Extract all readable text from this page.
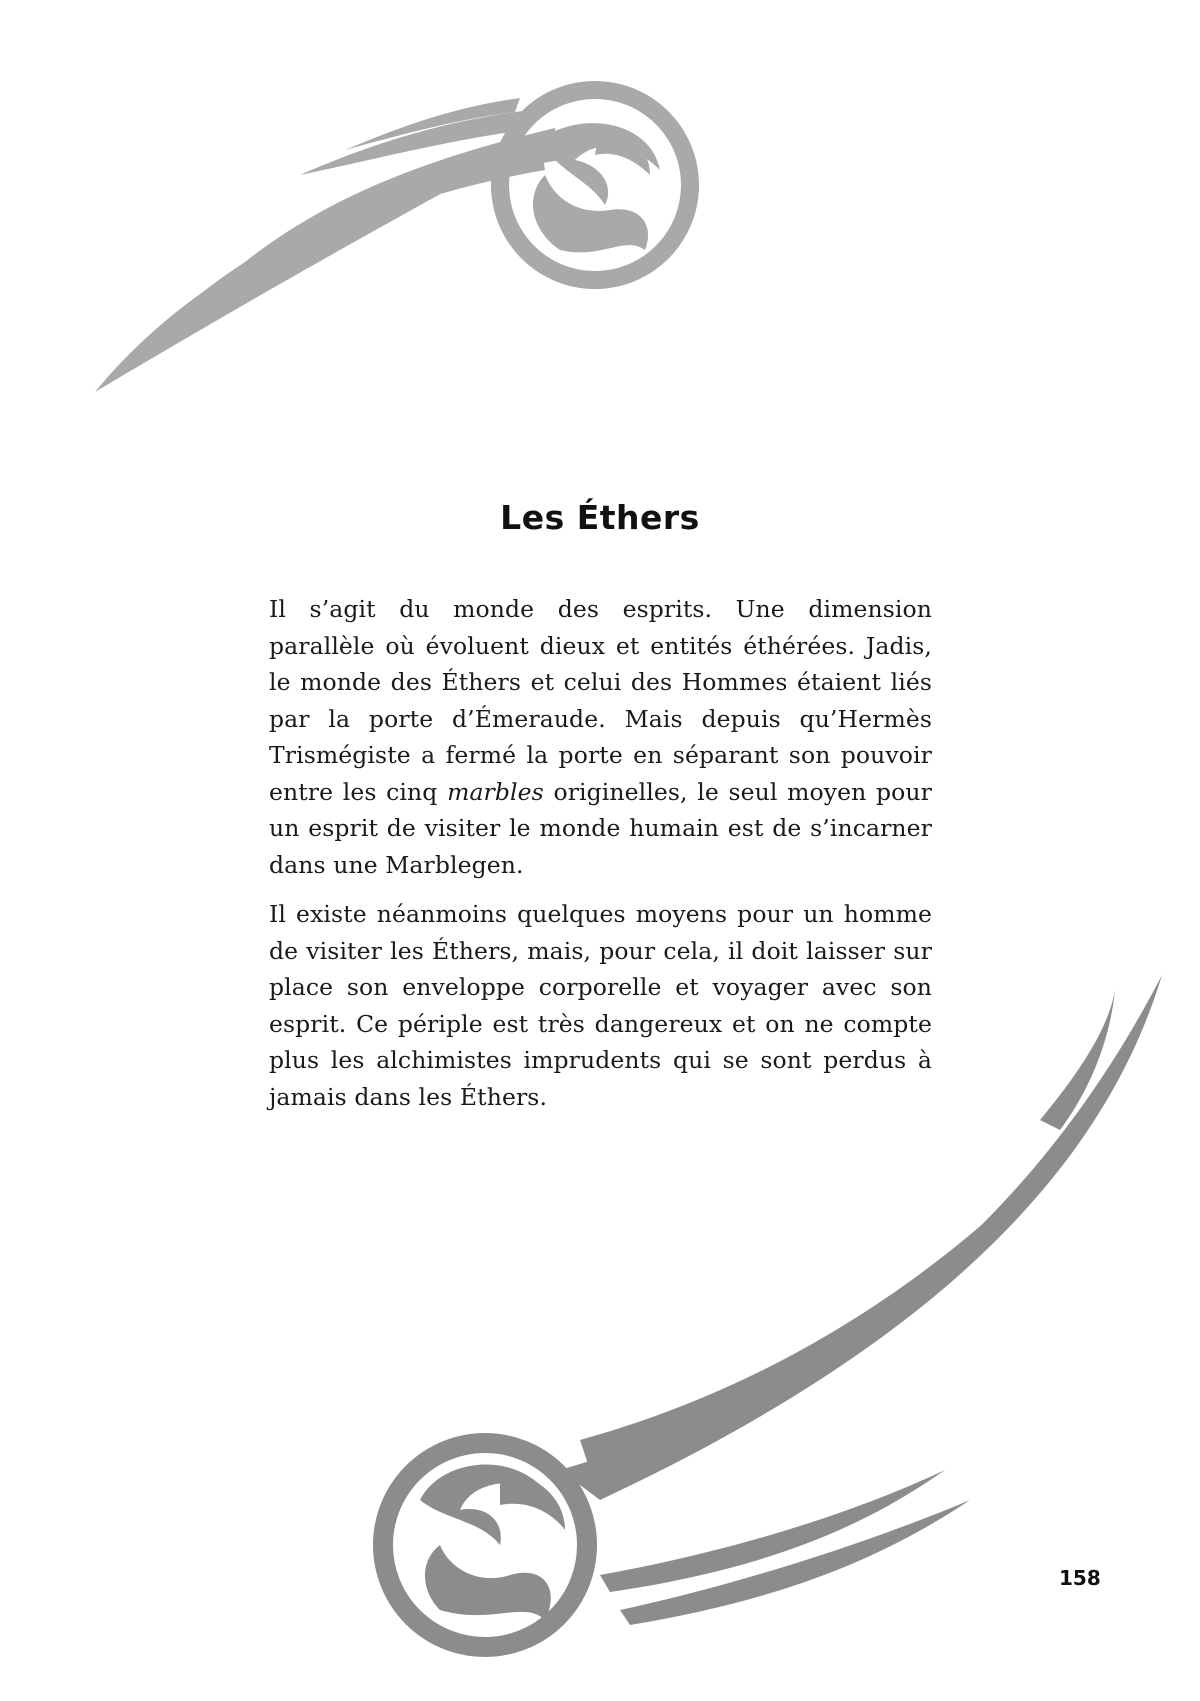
Les Éthers

Il s’agit du monde des esprits. Une dimension parallèle où évoluent dieux et entités éthérées. Jadis, le monde des Éthers et celui des Hommes étaient liés par la porte d’Émeraude. Mais depuis qu’Hermès Trismégiste a fermé la porte en séparant son pouvoir entre les cinq marbles originelles, le seul moyen pour un esprit de visiter le monde humain est de s’incarner dans une Marblegen.

Il existe néanmoins quelques moyens pour un homme de visiter les Éthers, mais, pour cela, il doit laisser sur place son enveloppe corporelle et voyager avec son esprit. Ce périple est très dangereux et on ne compte plus les alchimistes imprudents qui se sont perdus à jamais dans les Éthers.

158
